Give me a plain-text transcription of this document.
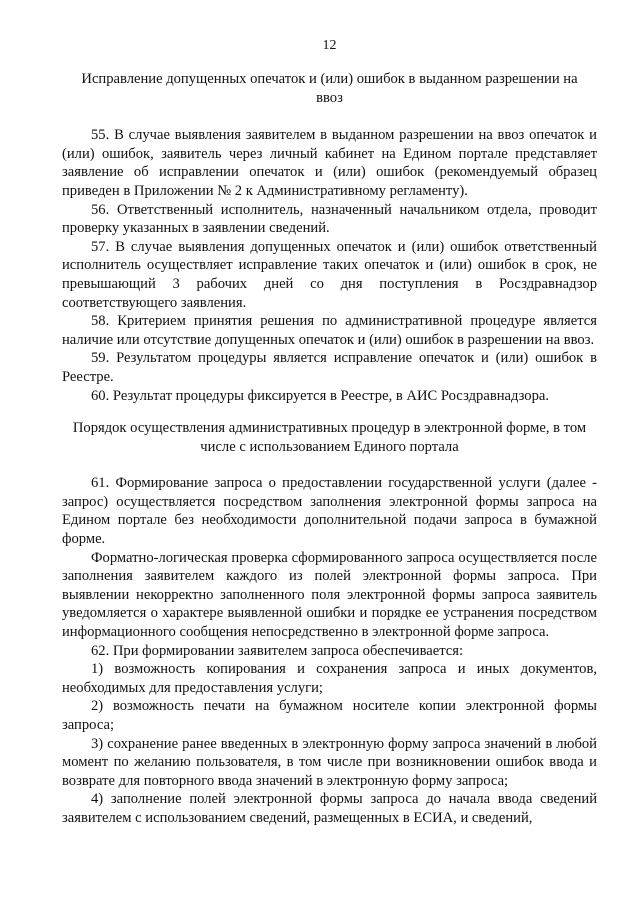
12
Исправление допущенных опечаток и (или) ошибок в выданном разрешении на ввоз

55. В случае выявления заявителем в выданном разрешении на ввоз опечаток и (или) ошибок, заявитель через личный кабинет на Едином портале представляет заявление об исправлении опечаток и (или) ошибок (рекомендуемый образец приведен в Приложении № 2 к Административному регламенту).

56. Ответственный исполнитель, назначенный начальником отдела, проводит проверку указанных в заявлении сведений.

57. В случае выявления допущенных опечаток и (или) ошибок ответственный исполнитель осуществляет исправление таких опечаток и (или) ошибок в срок, не превышающий 3 рабочих дней со дня поступления в Росздравнадзор соответствующего заявления.

58. Критерием принятия решения по административной процедуре является наличие или отсутствие допущенных опечаток и (или) ошибок в разрешении на ввоз.

59. Результатом процедуры является исправление опечаток и (или) ошибок в Реестре.

60. Результат процедуры фиксируется в Реестре, в АИС Росздравнадзора.

Порядок осуществления административных процедур в электронной форме, в том числе с использованием Единого портала

61. Формирование запроса о предоставлении государственной услуги (далее - запрос) осуществляется посредством заполнения электронной формы запроса на Едином портале без необходимости дополнительной подачи запроса в бумажной форме.

Форматно-логическая проверка сформированного запроса осуществляется после заполнения заявителем каждого из полей электронной формы запроса. При выявлении некорректно заполненного поля электронной формы запроса заявитель уведомляется о характере выявленной ошибки и порядке ее устранения посредством информационного сообщения непосредственно в электронной форме запроса.

62. При формировании заявителем запроса обеспечивается:

1) возможность копирования и сохранения запроса и иных документов, необходимых для предоставления услуги;

2) возможность печати на бумажном носителе копии электронной формы запроса;

3) сохранение ранее введенных в электронную форму запроса значений в любой момент по желанию пользователя, в том числе при возникновении ошибок ввода и возврате для повторного ввода значений в электронную форму запроса;

4) заполнение полей электронной формы запроса до начала ввода сведений заявителем с использованием сведений, размещенных в ЕСИА, и сведений,
